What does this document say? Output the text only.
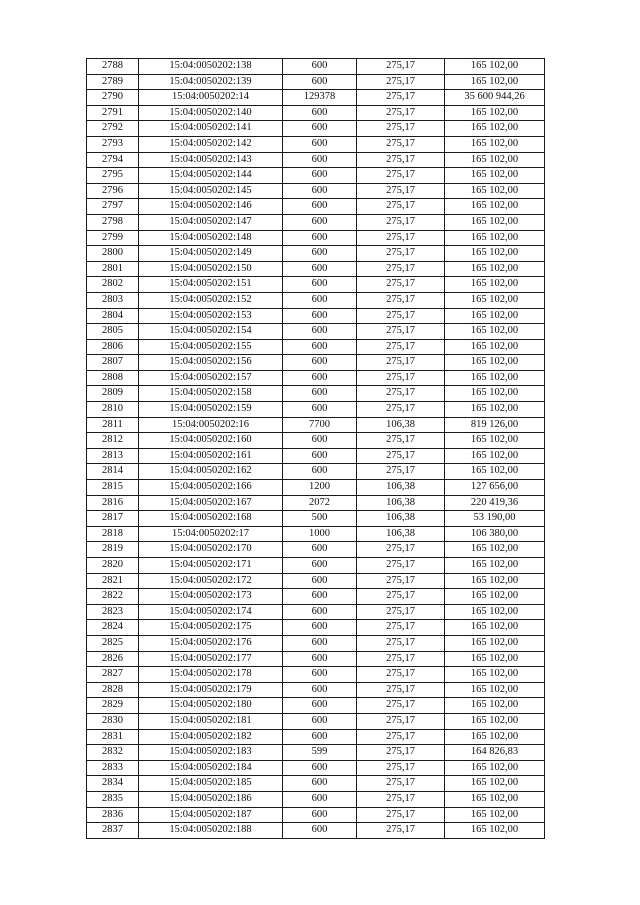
2788	15:04:0050202:138	600	275,17	165 102,00
2789	15:04:0050202:139	600	275,17	165 102,00
2790	15:04:0050202:14	129378	275,17	35 600 944,26
2791	15:04:0050202:140	600	275,17	165 102,00
2792	15:04:0050202:141	600	275,17	165 102,00
2793	15:04:0050202:142	600	275,17	165 102,00
2794	15:04:0050202:143	600	275,17	165 102,00
2795	15:04:0050202:144	600	275,17	165 102,00
2796	15:04:0050202:145	600	275,17	165 102,00
2797	15:04:0050202:146	600	275,17	165 102,00
2798	15:04:0050202:147	600	275,17	165 102,00
2799	15:04:0050202:148	600	275,17	165 102,00
2800	15:04:0050202:149	600	275,17	165 102,00
2801	15:04:0050202:150	600	275,17	165 102,00
2802	15:04:0050202:151	600	275,17	165 102,00
2803	15:04:0050202:152	600	275,17	165 102,00
2804	15:04:0050202:153	600	275,17	165 102,00
2805	15:04:0050202:154	600	275,17	165 102,00
2806	15:04:0050202:155	600	275,17	165 102,00
2807	15:04:0050202:156	600	275,17	165 102,00
2808	15:04:0050202:157	600	275,17	165 102,00
2809	15:04:0050202:158	600	275,17	165 102,00
2810	15:04:0050202:159	600	275,17	165 102,00
2811	15:04:0050202:16	7700	106,38	819 126,00
2812	15:04:0050202:160	600	275,17	165 102,00
2813	15:04:0050202:161	600	275,17	165 102,00
2814	15:04:0050202:162	600	275,17	165 102,00
2815	15:04:0050202:166	1200	106,38	127 656,00
2816	15:04:0050202:167	2072	106,38	220 419,36
2817	15:04:0050202:168	500	106,38	53 190,00
2818	15:04:0050202:17	1000	106,38	106 380,00
2819	15:04:0050202:170	600	275,17	165 102,00
2820	15:04:0050202:171	600	275,17	165 102,00
2821	15:04:0050202:172	600	275,17	165 102,00
2822	15:04:0050202:173	600	275,17	165 102,00
2823	15:04:0050202:174	600	275,17	165 102,00
2824	15:04:0050202:175	600	275,17	165 102,00
2825	15:04:0050202:176	600	275,17	165 102,00
2826	15:04:0050202:177	600	275,17	165 102,00
2827	15:04:0050202:178	600	275,17	165 102,00
2828	15:04:0050202:179	600	275,17	165 102,00
2829	15:04:0050202:180	600	275,17	165 102,00
2830	15:04:0050202:181	600	275,17	165 102,00
2831	15:04:0050202:182	600	275,17	165 102,00
2832	15:04:0050202:183	599	275,17	164 826,83
2833	15:04:0050202:184	600	275,17	165 102,00
2834	15:04:0050202:185	600	275,17	165 102,00
2835	15:04:0050202:186	600	275,17	165 102,00
2836	15:04:0050202:187	600	275,17	165 102,00
2837	15:04:0050202:188	600	275,17	165 102,00
